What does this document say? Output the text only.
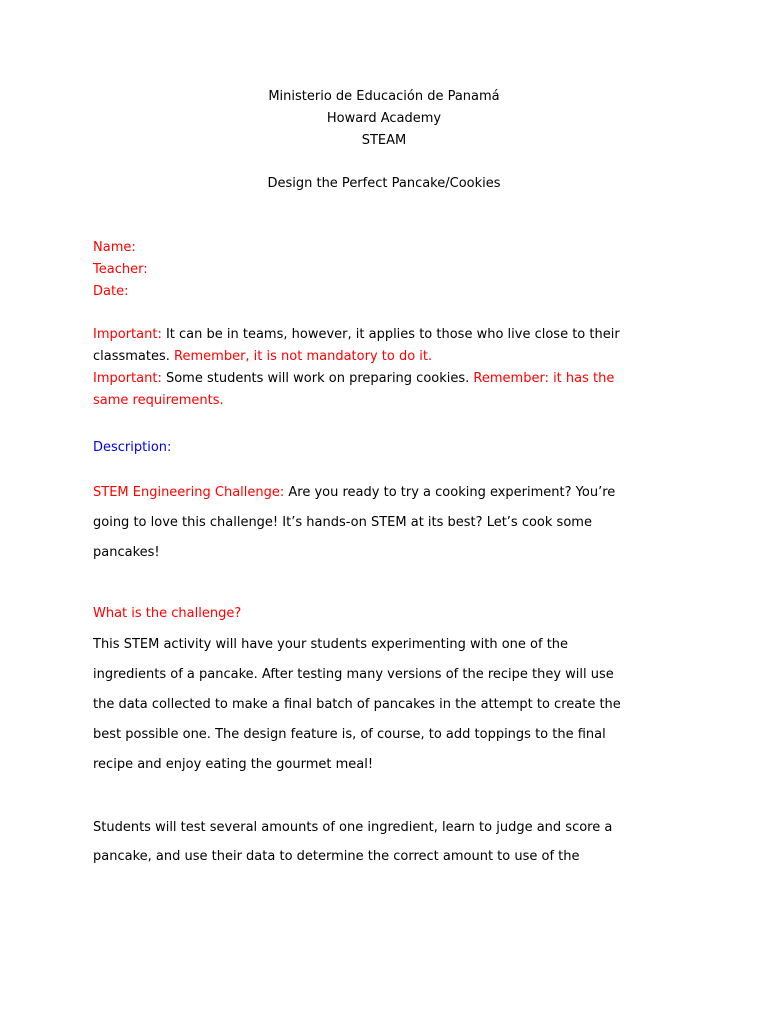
Ministerio de Educación de Panamá
Howard Academy
STEAM
Design the Perfect Pancake/Cookies
Name:
Teacher:
Date:
Important: It can be in teams, however, it applies to those who live close to their
classmates. Remember, it is not mandatory to do it.
Important: Some students will work on preparing cookies. Remember: it has the
same requirements.
Description:
STEM Engineering Challenge: Are you ready to try a cooking experiment? You’re
going to love this challenge! It’s hands-on STEM at its best? Let’s cook some
pancakes!
What is the challenge?
This STEM activity will have your students experimenting with one of the
ingredients of a pancake. After testing many versions of the recipe they will use
the data collected to make a final batch of pancakes in the attempt to create the
best possible one. The design feature is, of course, to add toppings to the final
recipe and enjoy eating the gourmet meal!
Students will test several amounts of one ingredient, learn to judge and score a
pancake, and use their data to determine the correct amount to use of the
